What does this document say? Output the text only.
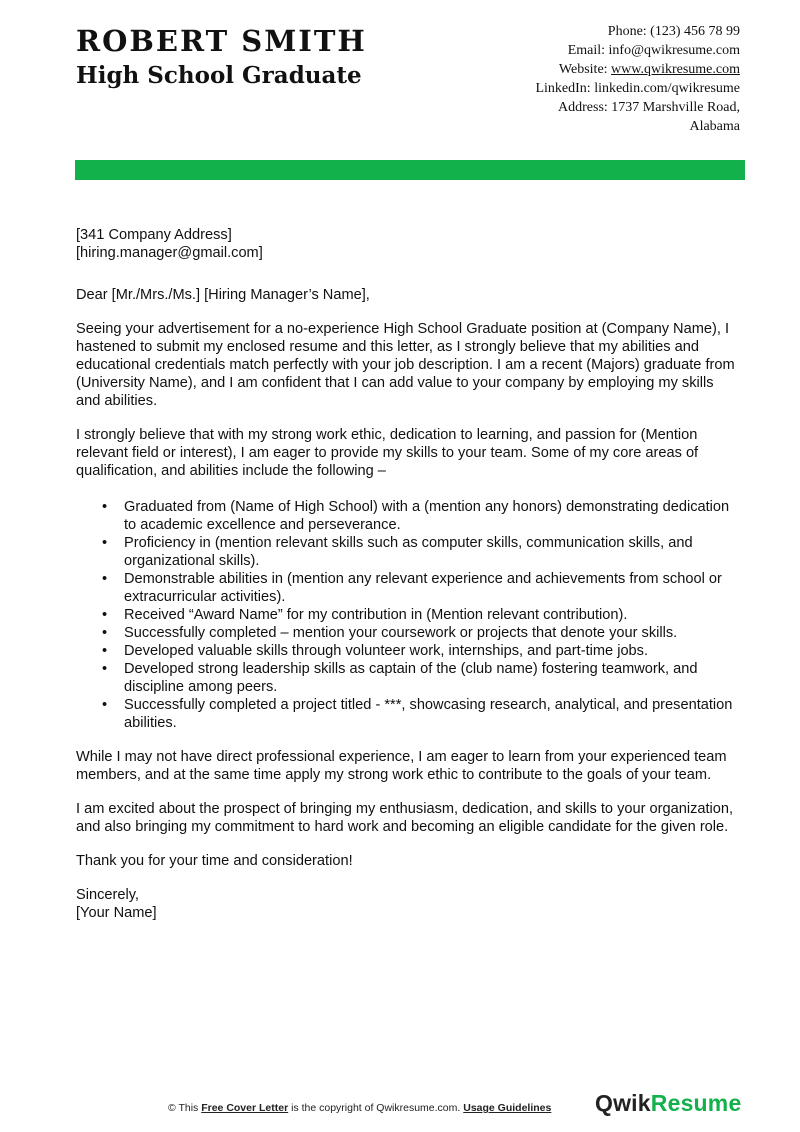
ROBERT SMITH
High School Graduate
Phone: (123) 456 78 99
Email: info@qwikresume.com
Website: www.qwikresume.com
LinkedIn: linkedin.com/qwikresume
Address: 1737 Marshville Road,
Alabama

[341 Company Address]

[hiring.manager@gmail.com]

Dear [Mr./Mrs./Ms.] [Hiring Manager’s Name],

Seeing your advertisement for a no-experience High School Graduate position at (Company Name), I hastened to submit my enclosed resume and this letter, as I strongly believe that my abilities and educational credentials match perfectly with your job description. I am a recent (Majors) graduate from (University Name), and I am confident that I can add value to your company by employing my skills and abilities.

I strongly believe that with my strong work ethic, dedication to learning, and passion for (Mention relevant field or interest), I am eager to provide my skills to your team. Some of my core areas of qualification, and abilities include the following –

• Graduated from (Name of High School) with a (mention any honors) demonstrating dedication to academic excellence and perseverance.
• Proficiency in (mention relevant skills such as computer skills, communication skills, and organizational skills).
• Demonstrable abilities in (mention any relevant experience and achievements from school or extracurricular activities).
• Received “Award Name” for my contribution in (Mention relevant contribution).
• Successfully completed – mention your coursework or projects that denote your skills.
• Developed valuable skills through volunteer work, internships, and part-time jobs.
• Developed strong leadership skills as captain of the (club name) fostering teamwork, and discipline among peers.
• Successfully completed a project titled - ***, showcasing research, analytical, and presentation abilities.

While I may not have direct professional experience, I am eager to learn from your experienced team members, and at the same time apply my strong work ethic to contribute to the goals of your team.

I am excited about the prospect of bringing my enthusiasm, dedication, and skills to your organization, and also bringing my commitment to hard work and becoming an eligible candidate for the given role.

Thank you for your time and consideration!

Sincerely,

[Your Name]

© This Free Cover Letter is the copyright of Qwikresume.com. Usage Guidelines QwikResume
